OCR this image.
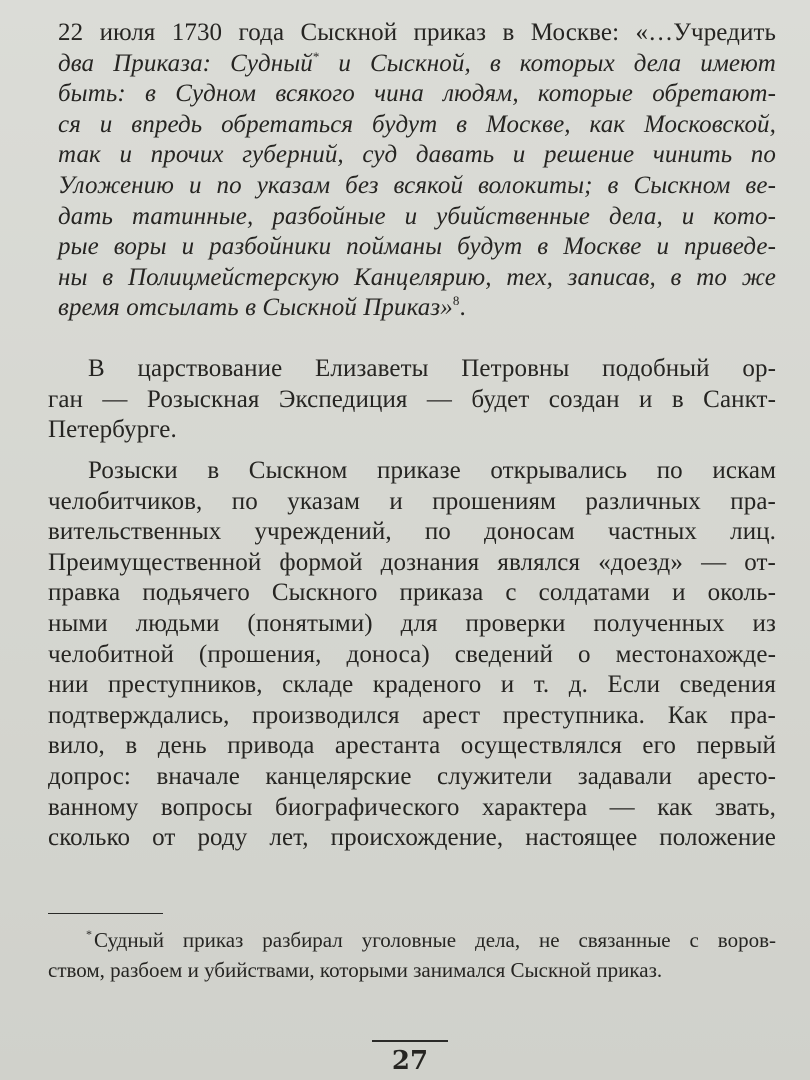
22 июля 1730 года Сыскной приказ в Москве: «…Учредить
два Приказа: Судный* и Сыскной, в которых дела имеют
быть: в Судном всякого чина людям, которые обретают-
ся и впредь обретаться будут в Москве, как Московской,
так и прочих губерний, суд давать и решение чинить по
Уложению и по указам без всякой волокиты; в Сыскном ве-
дать татинные, разбойные и убийственные дела, и кото-
рые воры и разбойники пойманы будут в Москве и приведе-
ны в Полицмейстерскую Канцелярию, тех, записав, в то же
время отсылать в Сыскной Приказ»$^8$.
В царствование Елизаветы Петровны подобный ор-
ган — Розыскная Экспедиция — будет создан и в Санкт-
Петербурге.
Розыски в Сыскном приказе открывались по искам
челобитчиков, по указам и прошениям различных пра-
вительственных учреждений, по доносам частных лиц.
Преимущественной формой дознания являлся «доезд» — от-
правка подьячего Сыскного приказа с солдатами и околь-
ными людьми (понятыми) для проверки полученных из
челобитной (прошения, доноса) сведений о местонахожде-
нии преступников, складе краденого и т. д. Если сведения
подтверждались, производился арест преступника. Как пра-
вило, в день привода арестанта осуществлялся его первый
допрос: вначале канцелярские служители задавали аресто-
ванному вопросы биографического характера — как звать,
сколько от роду лет, происхождение, настоящее положение
*Судный приказ разбирал уголовные дела, не связанные с воров-
ством, разбоем и убийствами, которыми занимался Сыскной приказ.
27
